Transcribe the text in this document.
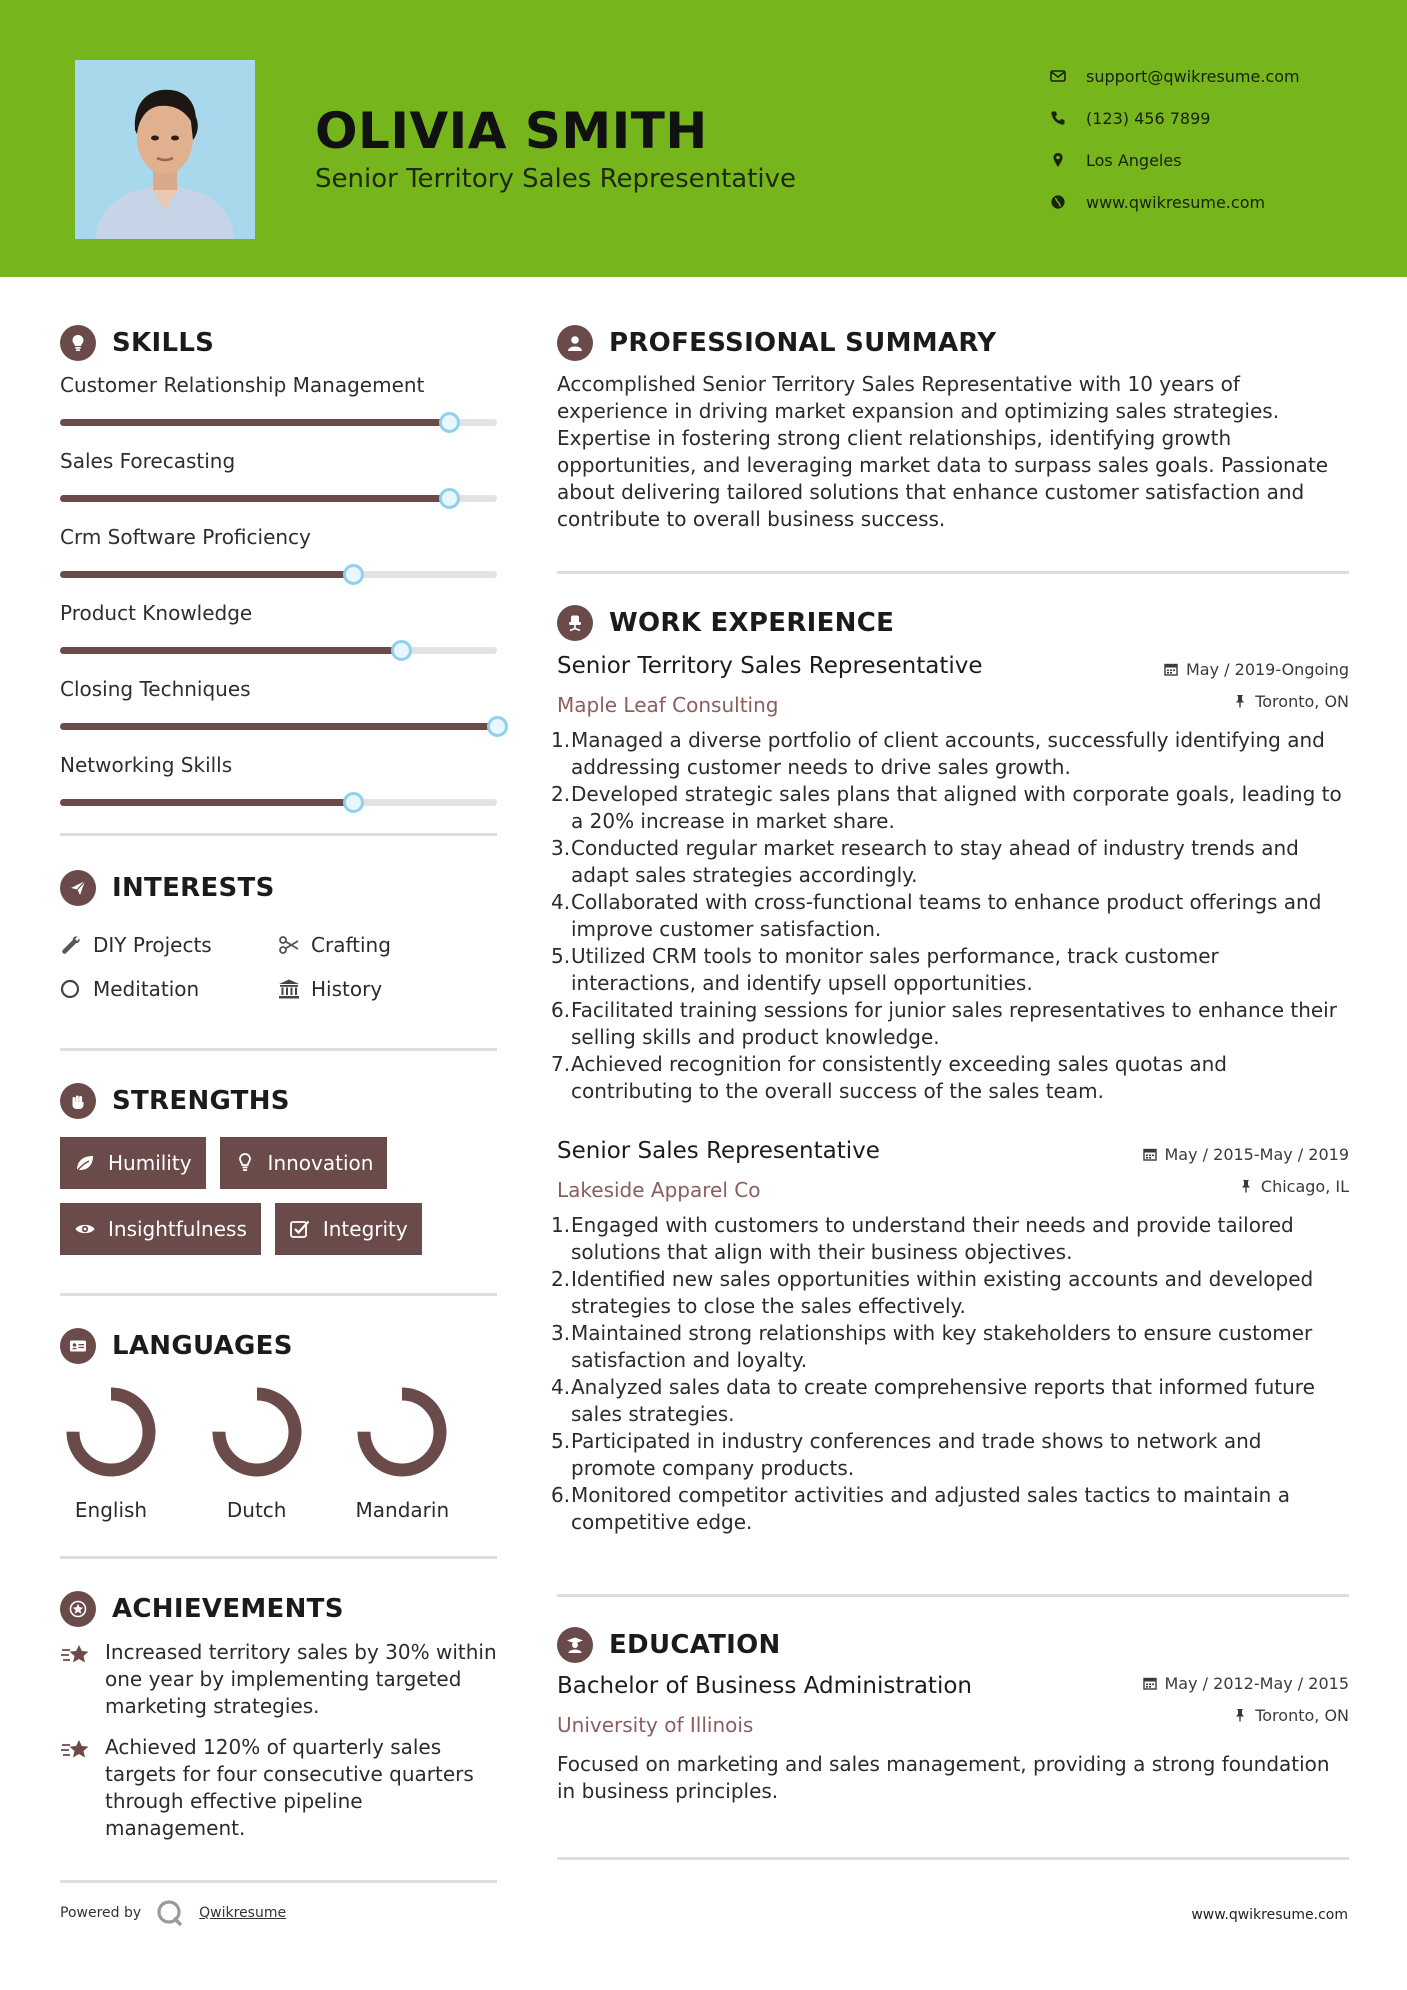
OLIVIA SMITH
Senior Territory Sales Representative
support@qwikresume.com
(123) 456 7899
Los Angeles
www.qwikresume.com
SKILLS
Customer Relationship Management
Sales Forecasting
Crm Software Proficiency
Product Knowledge
Closing Techniques
Networking Skills
INTERESTS
DIY Projects	Crafting
Meditation	History
STRENGTHS
Humility	Innovation
Insightfulness	Integrity
LANGUAGES
English	Dutch	Mandarin
ACHIEVEMENTS
Increased territory sales by 30% within one year by implementing targeted marketing strategies.
Achieved 120% of quarterly sales targets for four consecutive quarters through effective pipeline management.
PROFESSIONAL SUMMARY
Accomplished Senior Territory Sales Representative with 10 years of experience in driving market expansion and optimizing sales strategies. Expertise in fostering strong client relationships, identifying growth opportunities, and leveraging market data to surpass sales goals. Passionate about delivering tailored solutions that enhance customer satisfaction and contribute to overall business success.
WORK EXPERIENCE
Senior Territory Sales Representative
Maple Leaf Consulting
May / 2019-Ongoing
Toronto, ON
1. Managed a diverse portfolio of client accounts, successfully identifying and addressing customer needs to drive sales growth.
2. Developed strategic sales plans that aligned with corporate goals, leading to a 20% increase in market share.
3. Conducted regular market research to stay ahead of industry trends and adapt sales strategies accordingly.
4. Collaborated with cross-functional teams to enhance product offerings and improve customer satisfaction.
5. Utilized CRM tools to monitor sales performance, track customer interactions, and identify upsell opportunities.
6. Facilitated training sessions for junior sales representatives to enhance their selling skills and product knowledge.
7. Achieved recognition for consistently exceeding sales quotas and contributing to the overall success of the sales team.
Senior Sales Representative
Lakeside Apparel Co
May / 2015-May / 2019
Chicago, IL
1. Engaged with customers to understand their needs and provide tailored solutions that align with their business objectives.
2. Identified new sales opportunities within existing accounts and developed strategies to close the sales effectively.
3. Maintained strong relationships with key stakeholders to ensure customer satisfaction and loyalty.
4. Analyzed sales data to create comprehensive reports that informed future sales strategies.
5. Participated in industry conferences and trade shows to network and promote company products.
6. Monitored competitor activities and adjusted sales tactics to maintain a competitive edge.
EDUCATION
Bachelor of Business Administration
University of Illinois
May / 2012-May / 2015
Toronto, ON
Focused on marketing and sales management, providing a strong foundation in business principles.
Powered by	Qwikresume	www.qwikresume.com
